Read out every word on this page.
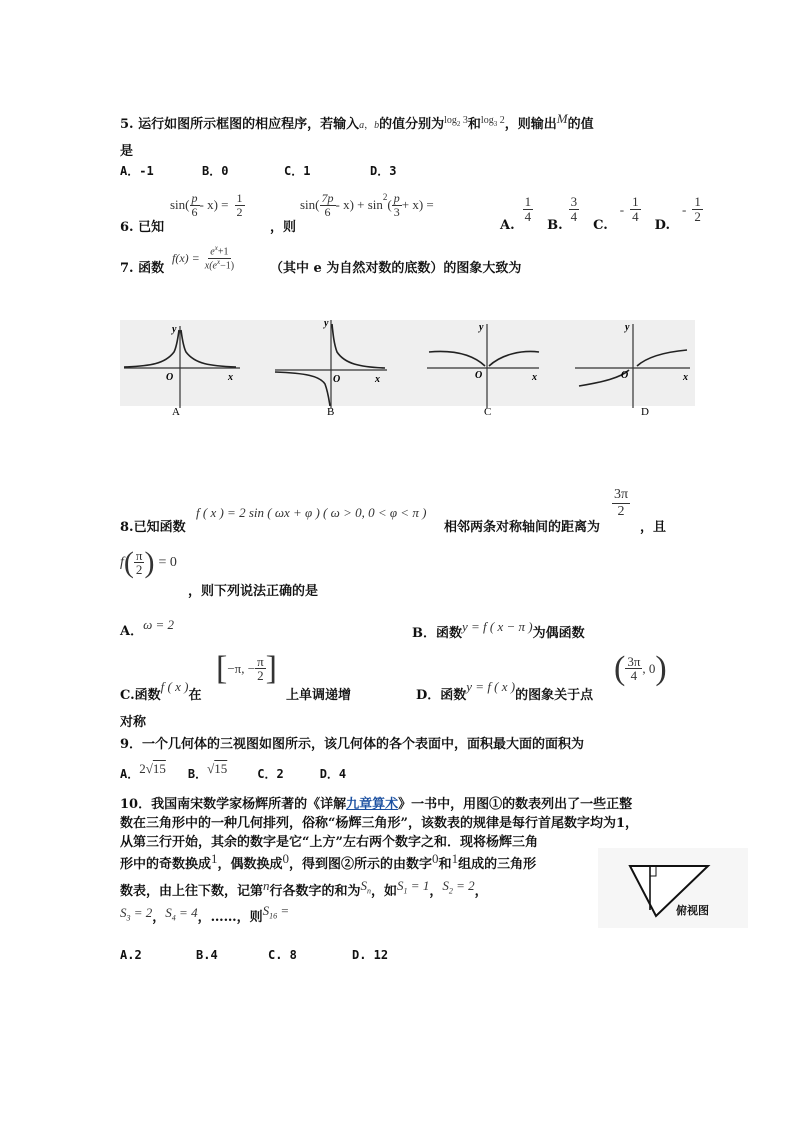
5. 运行如图所示框图的相应程序，若输入a，b的值分别为$^{log_2 3}$和$^{log_3 2}$，则输出M的值
是
A．-1	B．0	C．1	D．3
6. 已知
$\sin( \frac{p}{6} - x) = \frac{1}{2}$
，则
$\sin( \frac{7p}{6} - x) + \sin$
$^2$
( $\frac{p}{3} + x$) =
A.
$\frac{1}{4}$
B.
$\frac{3}{4}$
C.
- $\frac{1}{4}$
D.
- $\frac{1}{2}$
7. 函数
$f(x) = \frac{e^x+1}{x(e^x-1)}$	（其中 e 为自然对数的底数）的图象大致为
y
x
O
A
y
x
O
B
y
x
O
C
y
x
O
D
8.已知函数
f ( x ) = 2 sin ( ωx + φ ) ( ω > 0, 0 < φ < π )
相邻两条对称轴间的距离为
$\frac{3\pi}{2}$
，且
f ( $\frac{\pi}{2}$ ) = 0
，则下列说法正确的是
A．ω = 2
B．函数y = f ( x − π )为偶函数
C.函数f ( x )在
[ −π, − $\frac{\pi}{2}$ ]
上单调递增	D．函数y = f ( x )的图象关于点
( $\frac{3\pi}{4}$ , 0 )
对称
9．一个几何体的三视图如图所示，该几何体的各个表面中，面积最大面的面积为
A． 2√15 B． √15	C．2	D．4
10．我国南宋数学家杨辉所著的《详解九章算术》一书中，用图①的数表列出了一些正整
数在三角形中的一种几何排列，俗称“杨辉三角形”，该数表的规律是每行首尾数字均为1，
从第三行开始，其余的数字是它“上方”左右两个数字之和．现将杨辉三角
形中的奇数换成1，偶数换成0，得到图②所示的由数字0和1组成的三角形
数表，由上往下数，记第n行各数字的和为$S_n$，如$S_1 = 1$，$S_2 = 2$，
$S_3 = 2$，$S_4 = 4$，……，则$S_{16}$ =
A.2	B.4	C. 8	D. 12
俯视图
